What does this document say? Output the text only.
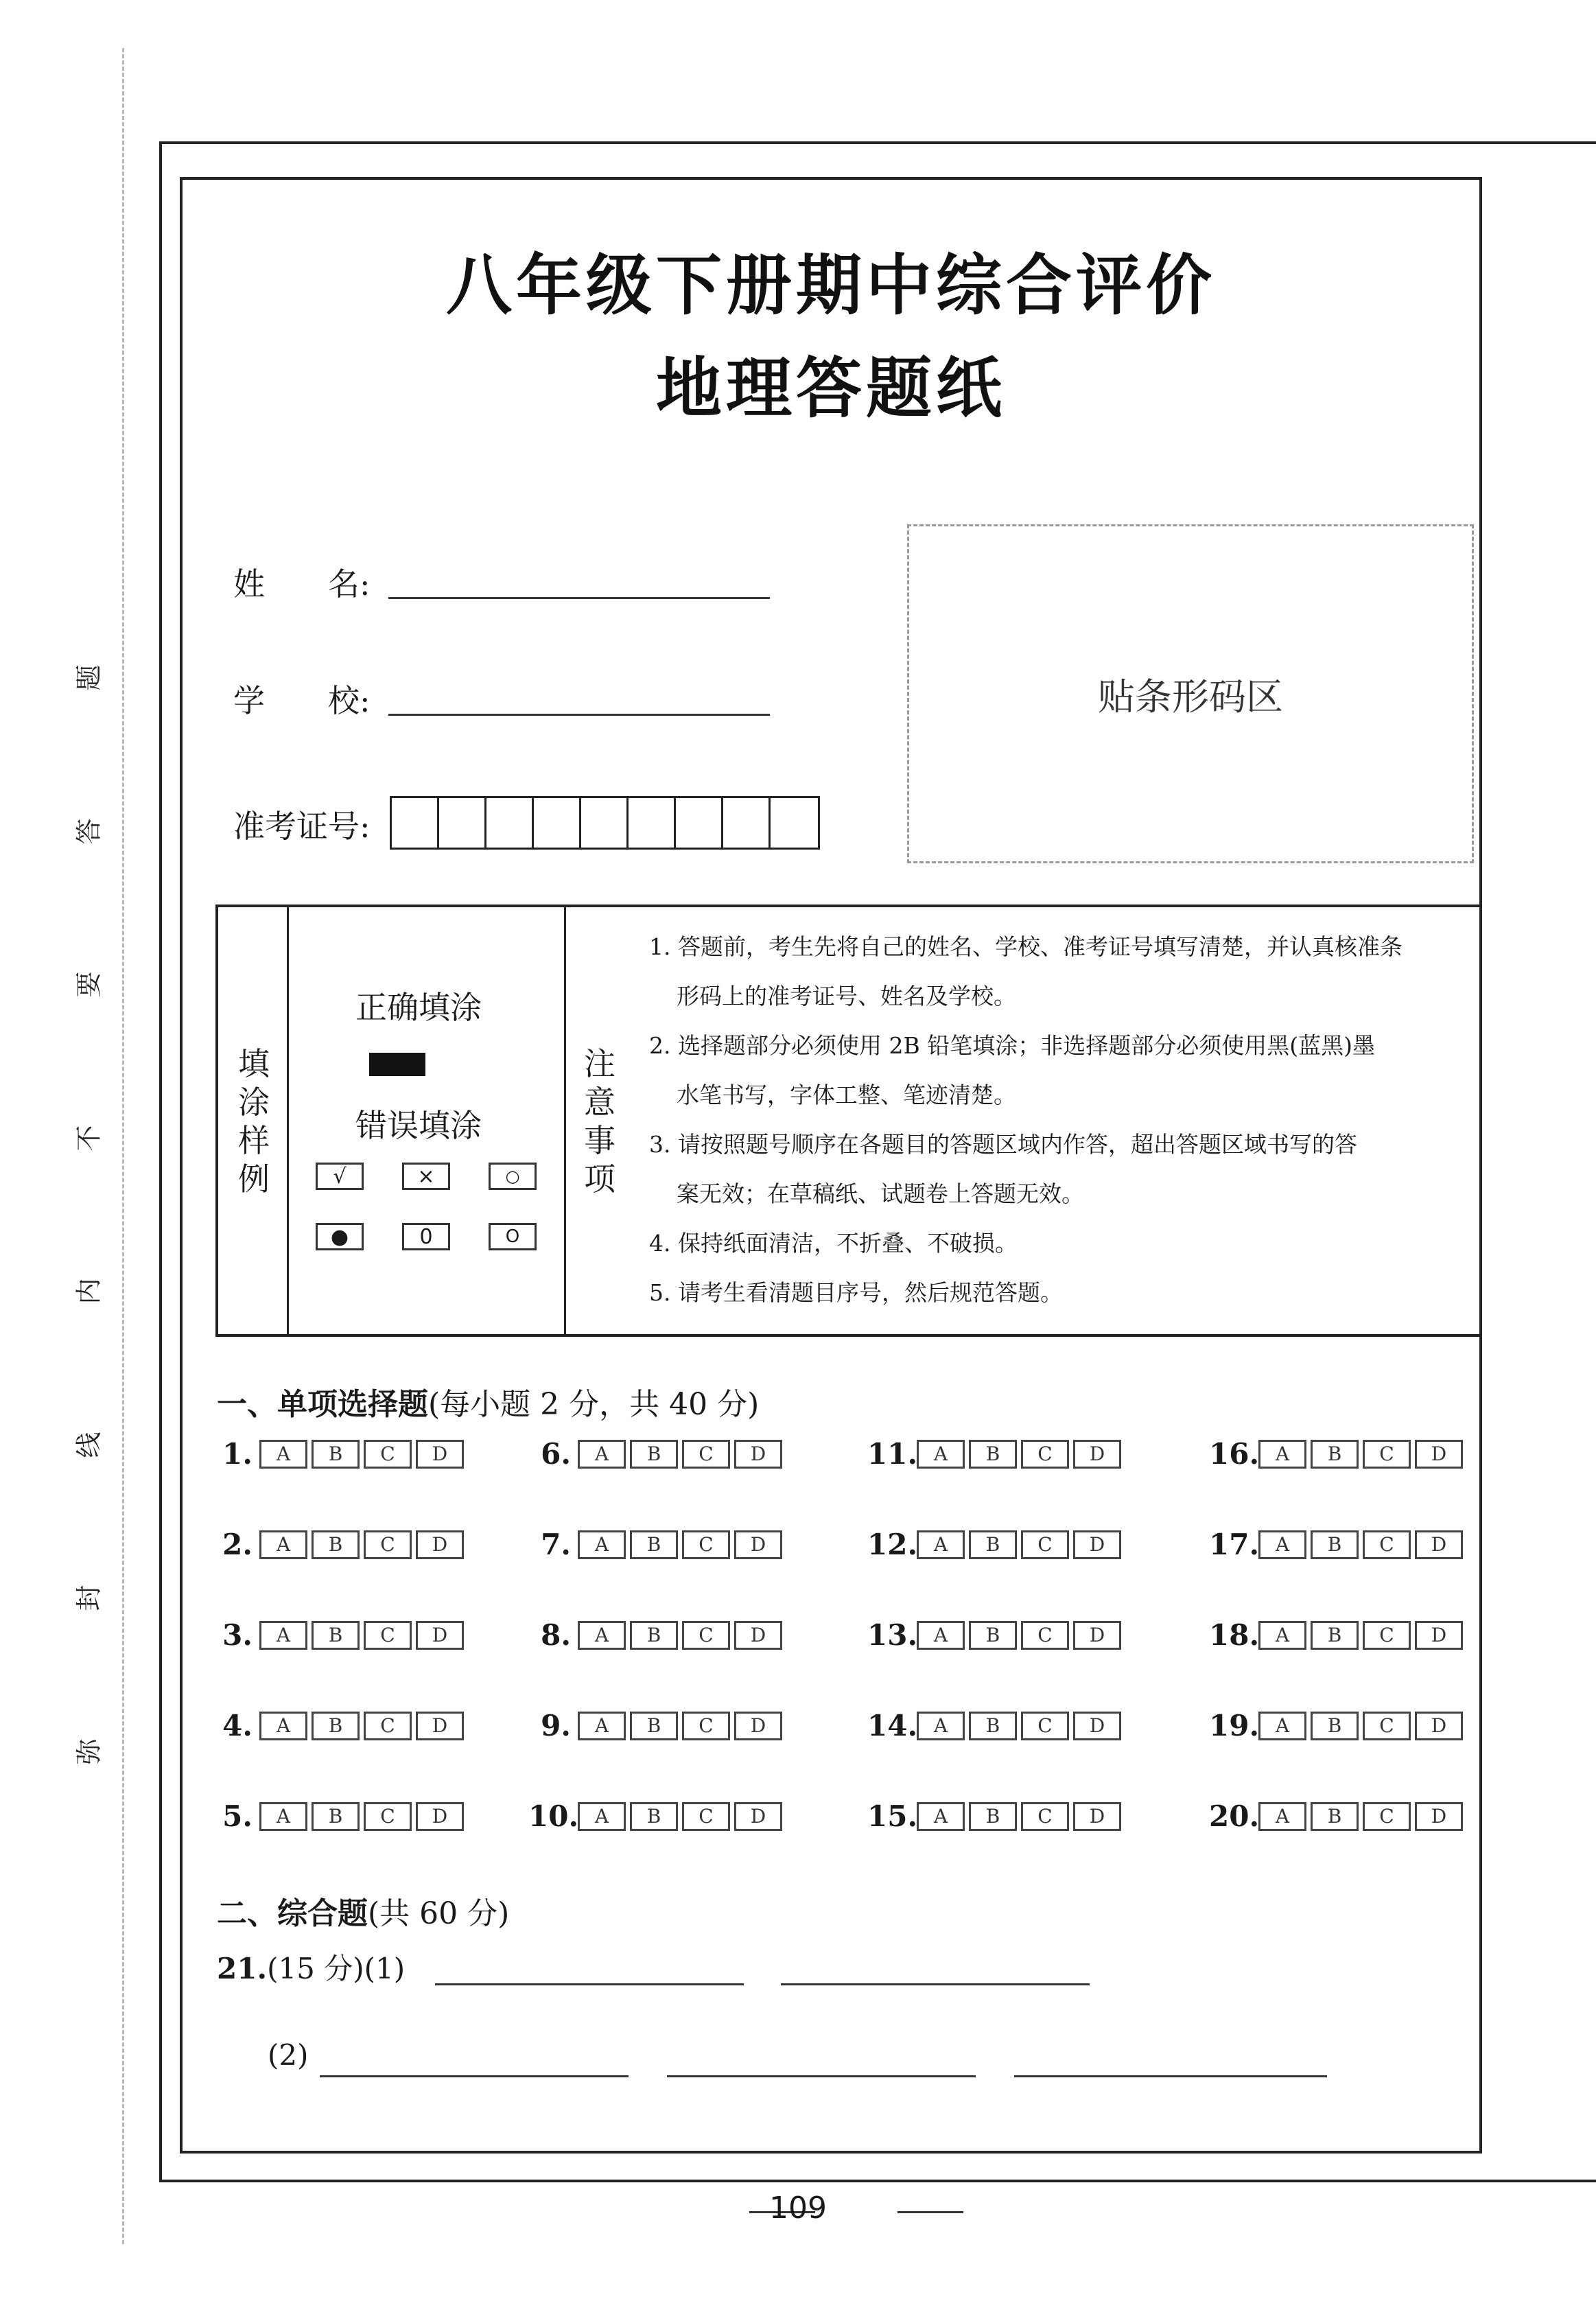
题
答
要
不
内
线
封
弥
八年级下册期中综合评价
地理答题纸
姓　　名:
学　　校:
准考证号:
贴条形码区
填
涂
样
例
正确填涂
错误填涂
√	×	○
●	0	O
注
意
事
项
1. 答题前，考生先将自己的姓名、学校、准考证号填写清楚，并认真核准条
形码上的准考证号、姓名及学校。
2. 选择题部分必须使用 2B 铅笔填涂；非选择题部分必须使用黑(蓝黑)墨
水笔书写，字体工整、笔迹清楚。
3. 请按照题号顺序在各题目的答题区域内作答，超出答题区域书写的答
案无效；在草稿纸、试题卷上答题无效。
4. 保持纸面清洁，不折叠、不破损。
5. 请考生看清题目序号，然后规范答题。
一、单项选择题(每小题 2 分，共 40 分)
1.	A	B	C	D
2.	A	B	C	D
3.	A	B	C	D
4.	A	B	C	D
5.	A	B	C	D
6.	A	B	C	D
7.	A	B	C	D
8.	A	B	C	D
9.	A	B	C	D
10. A	B	C	D
11. A	B	C	D
12. A	B	C	D
13. A	B	C	D
14. A	B	C	D
15. A	B	C	D
16. A	B	C	D
17. A	B	C	D
18. A	B	C	D
19. A	B	C	D
20. A	B	C	D
二、综合题(共 60 分)
21.(15 分)(1)
(2)
109
